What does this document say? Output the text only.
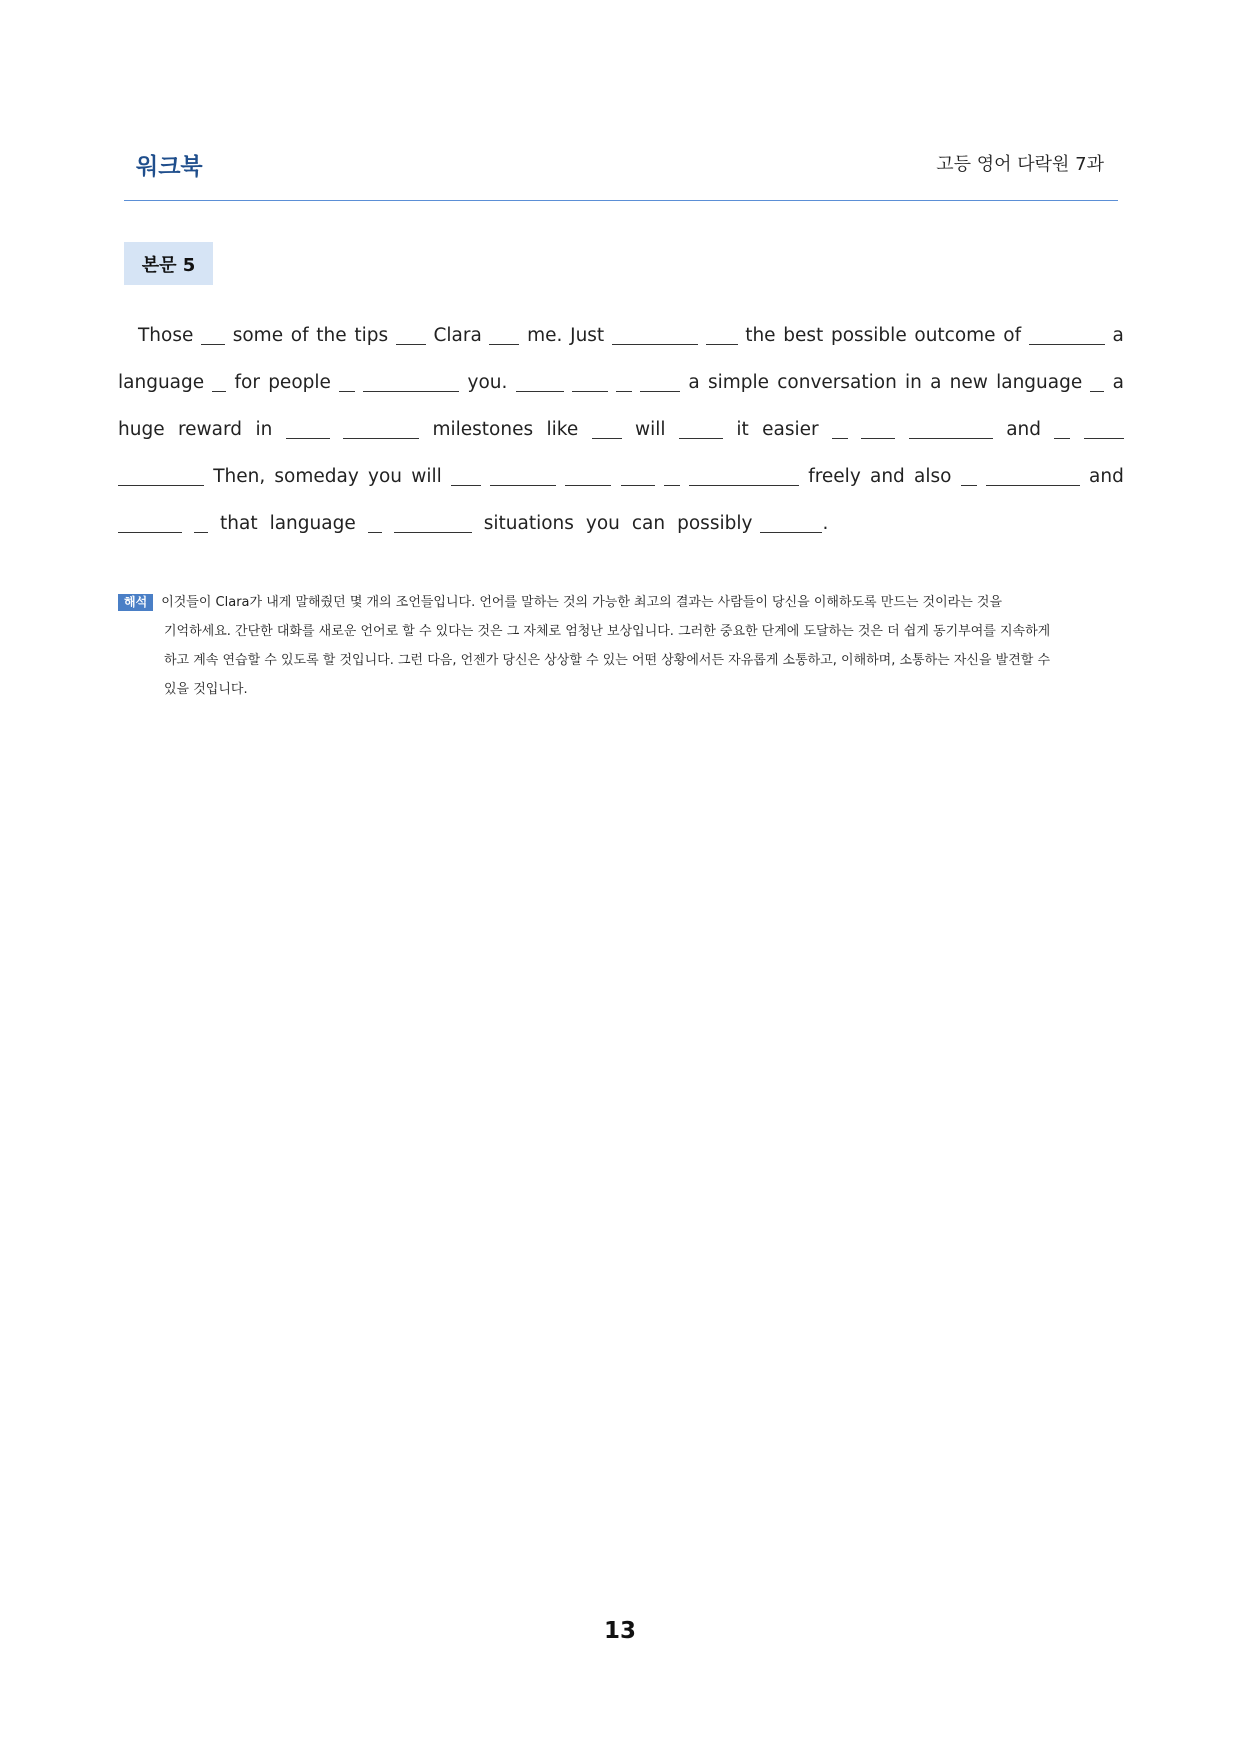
워크북	고등 영어 다락원 7과
본문 5
Those some of the tips Clara me. Just	the best possible outcome of	a
language for people	you.	a simple conversation in a new language a
huge reward in	milestones like	will	it easier	and
Then, someday you will	freely and also	and
that language	situations you can possibly	.
해석 이것들이 Clara가 내게 말해줬던 몇 개의 조언들입니다. 언어를 말하는 것의 가능한 최고의 결과는 사람들이 당신을 이해하도록 만드는 것이라는 것을
기억하세요. 간단한 대화를 새로운 언어로 할 수 있다는 것은 그 자체로 엄청난 보상입니다. 그러한 중요한 단계에 도달하는 것은 더 쉽게 동기부여를 지속하게
하고 계속 연습할 수 있도록 할 것입니다. 그런 다음, 언젠가 당신은 상상할 수 있는 어떤 상황에서든 자유롭게 소통하고, 이해하며, 소통하는 자신을 발견할 수
있을 것입니다.
13
